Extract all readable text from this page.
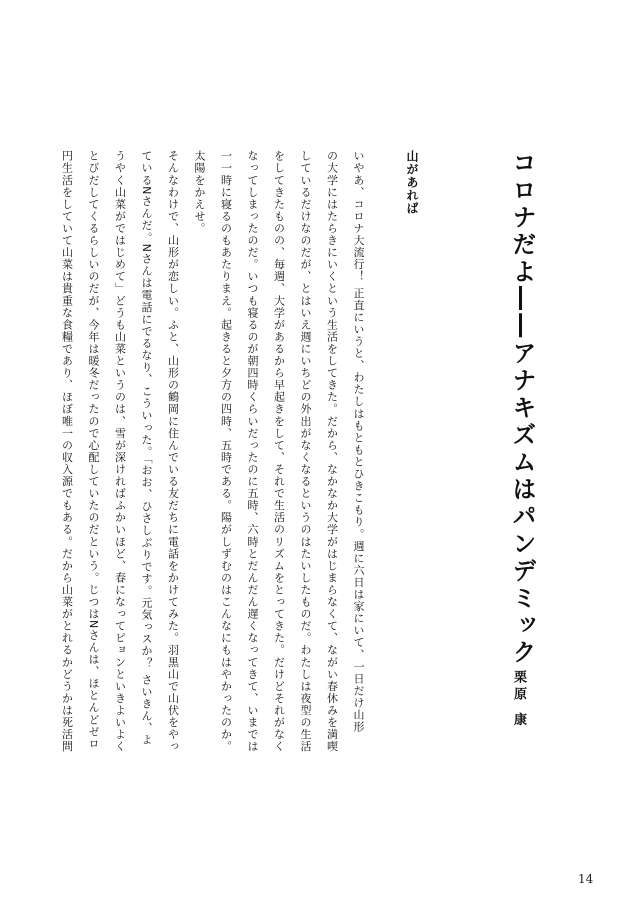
コロナだよ――アナキズムはパンデミック
栗原 康
山があれば
いやあ、コロナ大流行！ 正直にいうと、わたしはもともとひきこもり。週に六日は家にいて、一日だけ山形
の大学にはたらきにいくという生活をしてきた。だから、なかなか大学がはじまらなくて、ながい春休みを満喫
しているだけなのだが、とはいえ週にいちどの外出がなくなるというのはたいしたものだ。わたしは夜型の生活
をしてきたものの、毎週、大学があるから早起きをして、それで生活のリズムをとってきた。だけどそれがなく
なってしまったのだ。いつも寝るのが朝四時くらいだったのに五時、六時とだんだん遅くなってきて、いまでは
一一時に寝るのもあたりまえ。起きると夕方の四時、五時である。陽がしずむのはこんなにもはやかったのか。
太陽をかえせ。
そんなわけで、山形が恋しい。ふと、山形の鶴岡に住んでいる友だちに電話をかけてみた。羽黒山で山伏をやっ
ているNさんだ。Nさんは電話にでるなり、こういった。「おお、ひさしぶりです。元気っスか？ さいきん、よ
うやく山菜がではじめて」どうも山菜というのは、雪が深ければふかいほど、春になってピョンといきよいよく
とびだしてくるらしいのだが、今年は暖冬だったので心配していたのだという。じつはNさんは、ほとんどゼロ
円生活をしていて山菜は貴重な食糧であり、ほぼ唯一の収入源でもある。だから山菜がとれるかどうかは死活問
14
